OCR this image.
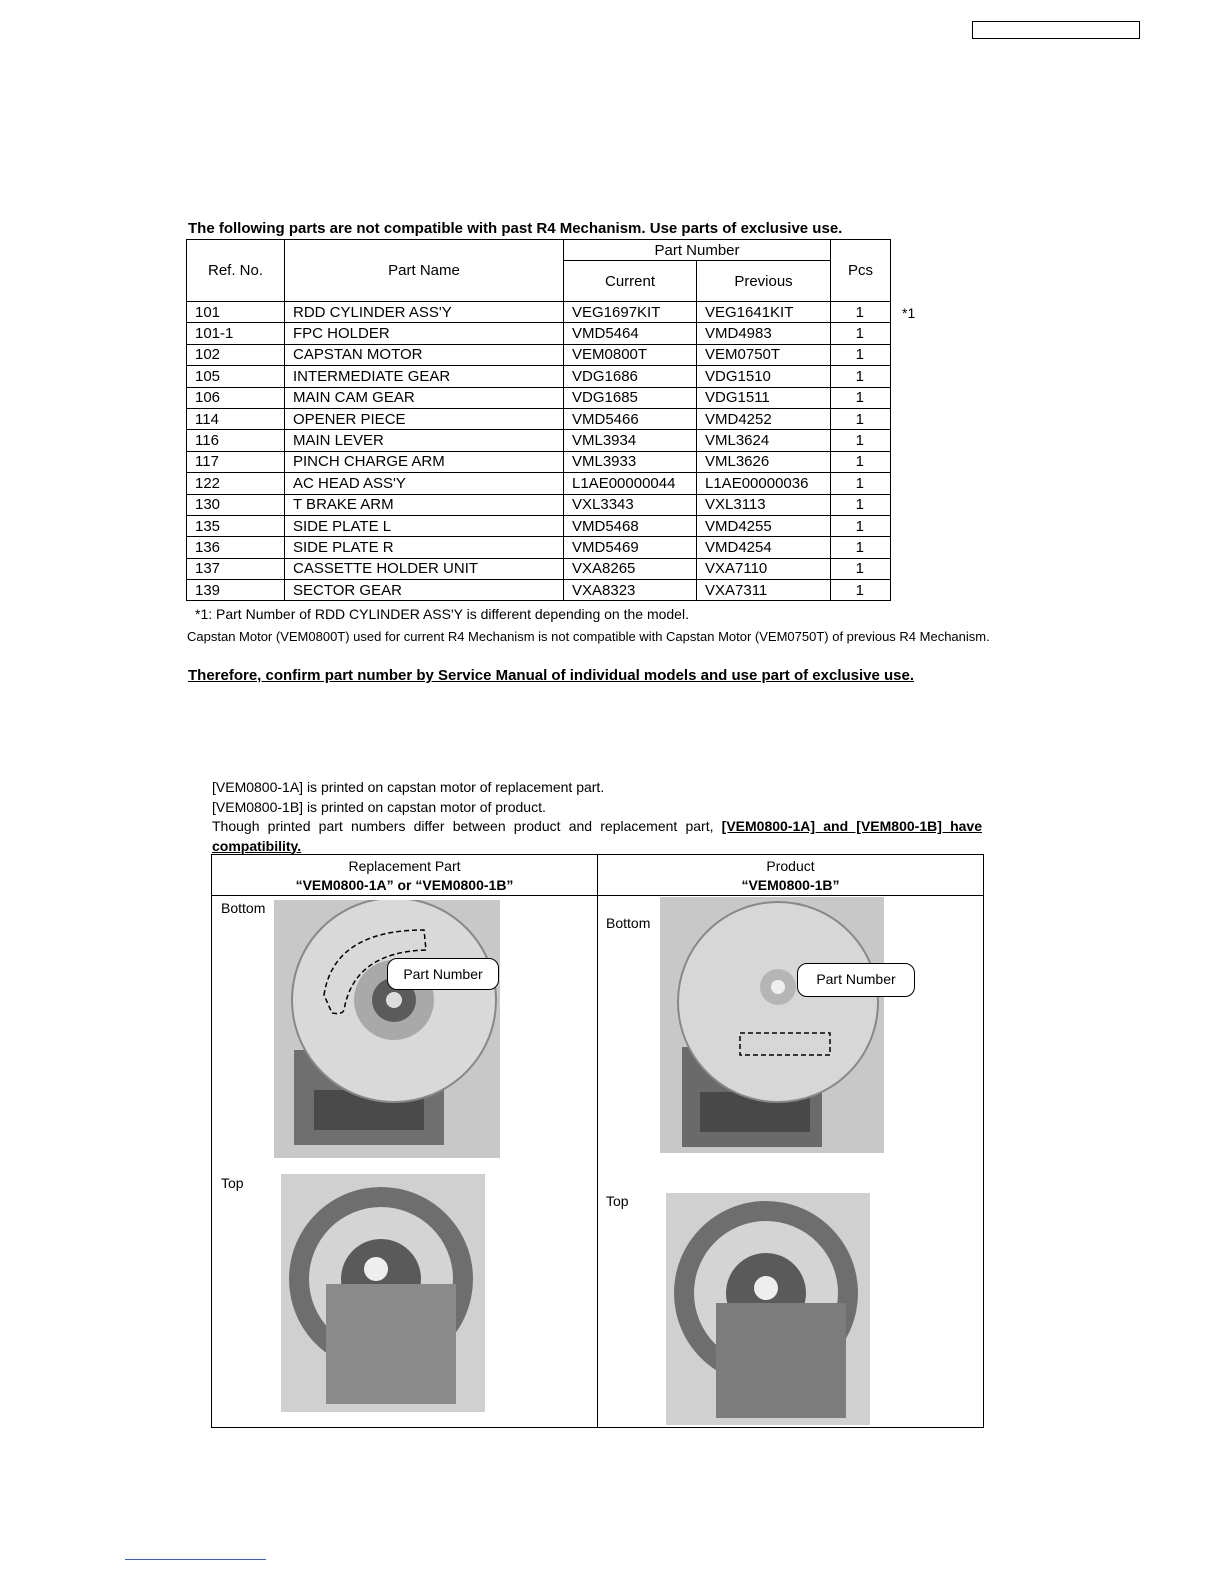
The following parts are not compatible with past R4 Mechanism. Use parts of exclusive use.
Ref. No.	Part Name	Part Number		Pcs
		Current	Previous	
101	RDD CYLINDER ASS'Y	VEG1697KIT	VEG1641KIT	1
101-1	FPC HOLDER	VMD5464	VMD4983	1
102	CAPSTAN MOTOR	VEM0800T	VEM0750T	1
105	INTERMEDIATE GEAR	VDG1686	VDG1510	1
106	MAIN CAM GEAR	VDG1685	VDG1511	1
114	OPENER PIECE	VMD5466	VMD4252	1
116	MAIN LEVER	VML3934	VML3624	1
117	PINCH CHARGE ARM	VML3933	VML3626	1
122	AC HEAD ASS'Y	L1AE00000044	L1AE00000036	1
130	T BRAKE ARM	VXL3343	VXL3113	1
135	SIDE PLATE L	VMD5468	VMD4255	1
136	SIDE PLATE R	VMD5469	VMD4254	1
137	CASSETTE HOLDER UNIT	VXA8265	VXA7110	1
139	SECTOR GEAR	VXA8323	VXA7311	1
*1
*1: Part Number of RDD CYLINDER ASS'Y is different depending on the model.
Capstan Motor (VEM0800T) used for current R4 Mechanism is not compatible with Capstan Motor (VEM0750T) of previous R4 Mechanism.
Therefore, confirm part number by Service Manual of individual models and use part of exclusive use.

[VEM0800-1A] is printed on capstan motor of replacement part.

[VEM0800-1B] is printed on capstan motor of product.

Though printed part numbers differ between product and replacement part, [VEM0800-1A] and [VEM800-1B] have compatibility.

Replacement Part
“VEM0800-1A” or “VEM0800-1B”
Product
“VEM0800-1B”
Bottom
Part Number
Top
Bottom
Part Number
Top
